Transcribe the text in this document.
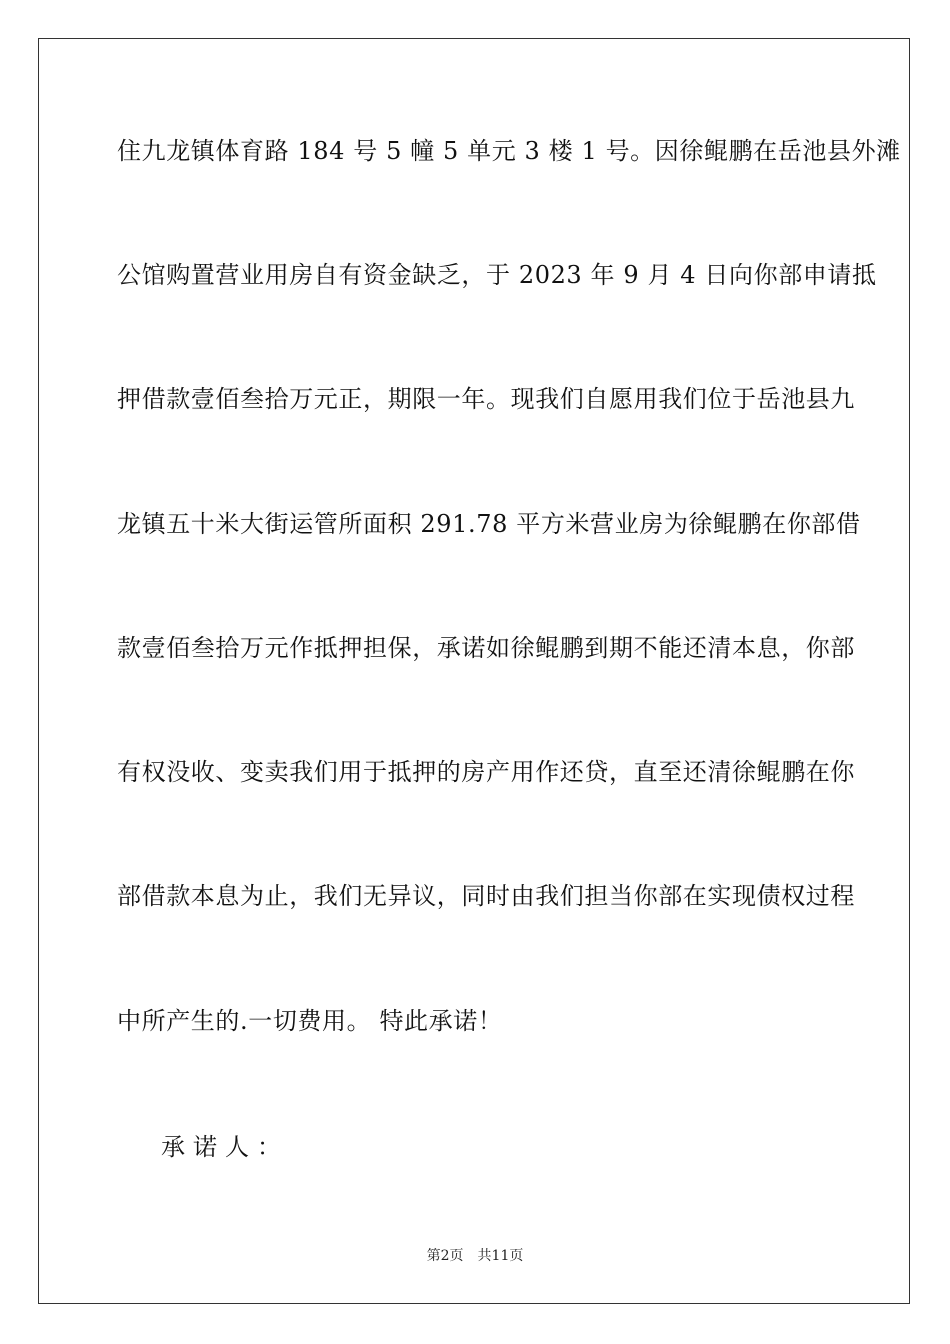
住九龙镇体育路 184 号 5 幢 5 单元 3 楼 1 号。因徐鲲鹏在岳池县外滩
公馆购置营业用房自有资金缺乏，于 2023 年 9 月 4 日向你部申请抵
押借款壹佰叁拾万元正，期限一年。现我们自愿用我们位于岳池县九
龙镇五十米大街运管所面积 291.78 平方米营业房为徐鲲鹏在你部借
款壹佰叁拾万元作抵押担保，承诺如徐鲲鹏到期不能还清本息，你部
有权没收、变卖我们用于抵押的房产用作还贷，直至还清徐鲲鹏在你
部借款本息为止，我们无异议，同时由我们担当你部在实现债权过程
中所产生的.一切费用。 特此承诺！
承诺人：
第2页 共11页
